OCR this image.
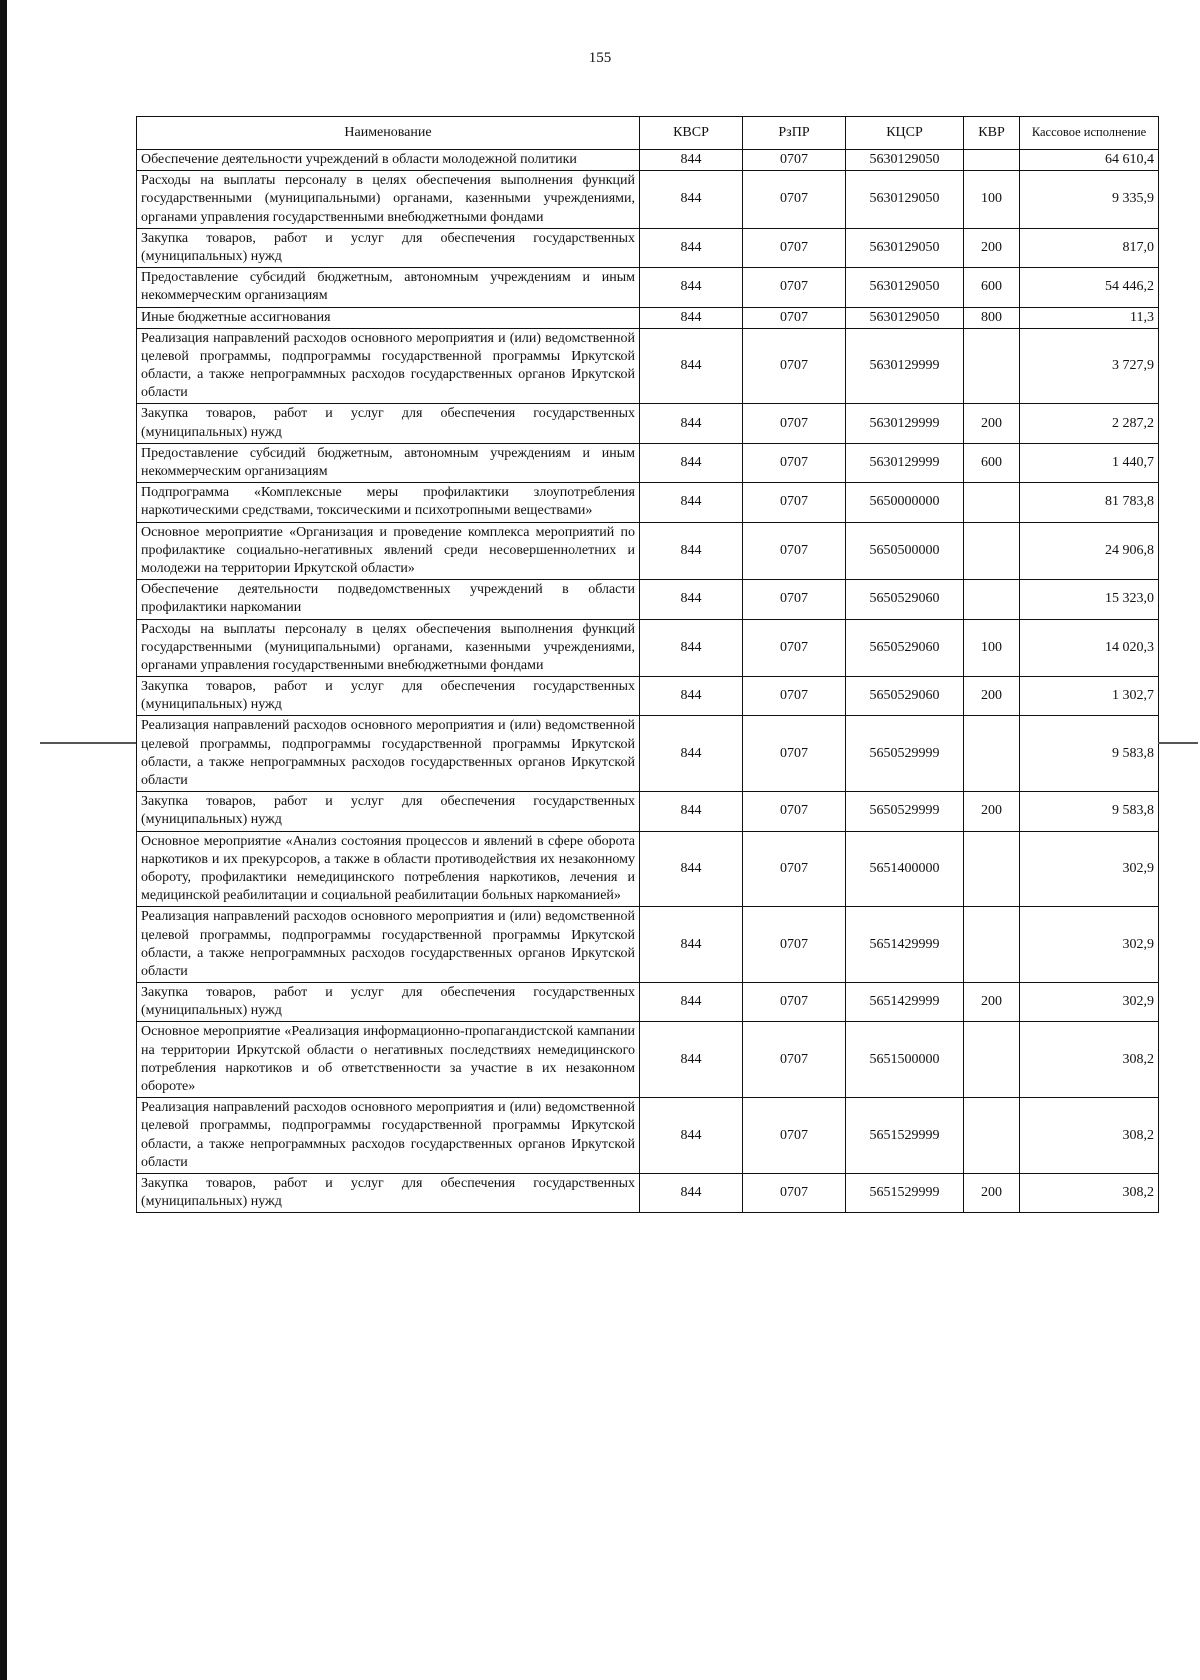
155
Наименование	КВСР	РзПР	КЦСР	КВР	Кассовое исполнение
Обеспечение деятельности учреждений в области молодежной политики	844	0707	5630129050		64 610,4
Расходы на выплаты персоналу в целях обеспечения выполнения функций государственными (муниципальными) органами, казенными учреждениями, органами управления государственными внебюджетными фондами	844	0707	5630129050	100	9 335,9
Закупка товаров, работ и услуг для обеспечения государственных (муниципальных) нужд	844	0707	5630129050	200	817,0
Предоставление субсидий бюджетным, автономным учреждениям и иным некоммерческим организациям	844	0707	5630129050	600	54 446,2
Иные бюджетные ассигнования	844	0707	5630129050	800	11,3
Реализация направлений расходов основного мероприятия и (или) ведомственной целевой программы, подпрограммы государственной программы Иркутской области, а также непрограммных расходов государственных органов Иркутской области	844	0707	5630129999		3 727,9
Закупка товаров, работ и услуг для обеспечения государственных (муниципальных) нужд	844	0707	5630129999	200	2 287,2
Предоставление субсидий бюджетным, автономным учреждениям и иным некоммерческим организациям	844	0707	5630129999	600	1 440,7
Подпрограмма «Комплексные меры профилактики злоупотребления наркотическими средствами, токсическими и психотропными веществами»	844	0707	5650000000		81 783,8
Основное мероприятие «Организация и проведение комплекса мероприятий по профилактике социально-негативных явлений среди несовершеннолетних и молодежи на территории Иркутской области»	844	0707	5650500000		24 906,8
Обеспечение деятельности подведомственных учреждений в области профилактики наркомании	844	0707	5650529060		15 323,0
Расходы на выплаты персоналу в целях обеспечения выполнения функций государственными (муниципальными) органами, казенными учреждениями, органами управления государственными внебюджетными фондами	844	0707	5650529060	100	14 020,3
Закупка товаров, работ и услуг для обеспечения государственных (муниципальных) нужд	844	0707	5650529060	200	1 302,7
Реализация направлений расходов основного мероприятия и (или) ведомственной целевой программы, подпрограммы государственной программы Иркутской области, а также непрограммных расходов государственных органов Иркутской области	844	0707	5650529999		9 583,8
Закупка товаров, работ и услуг для обеспечения государственных (муниципальных) нужд	844	0707	5650529999	200	9 583,8
Основное мероприятие «Анализ состояния процессов и явлений в сфере оборота наркотиков и их прекурсоров, а также в области противодействия их незаконному обороту, профилактики немедицинского потребления наркотиков, лечения и медицинской реабилитации и социальной реабилитации больных наркоманией»	844	0707	5651400000		302,9
Реализация направлений расходов основного мероприятия и (или) ведомственной целевой программы, подпрограммы государственной программы Иркутской области, а также непрограммных расходов государственных органов Иркутской области	844	0707	5651429999		302,9
Закупка товаров, работ и услуг для обеспечения государственных (муниципальных) нужд	844	0707	5651429999	200	302,9
Основное мероприятие «Реализация информационно-пропагандистской кампании на территории Иркутской области о негативных последствиях немедицинского потребления наркотиков и об ответственности за участие в их незаконном обороте»	844	0707	5651500000		308,2
Реализация направлений расходов основного мероприятия и (или) ведомственной целевой программы, подпрограммы государственной программы Иркутской области, а также непрограммных расходов государственных органов Иркутской области	844	0707	5651529999		308,2
Закупка товаров, работ и услуг для обеспечения государственных (муниципальных) нужд	844	0707	5651529999	200	308,2
